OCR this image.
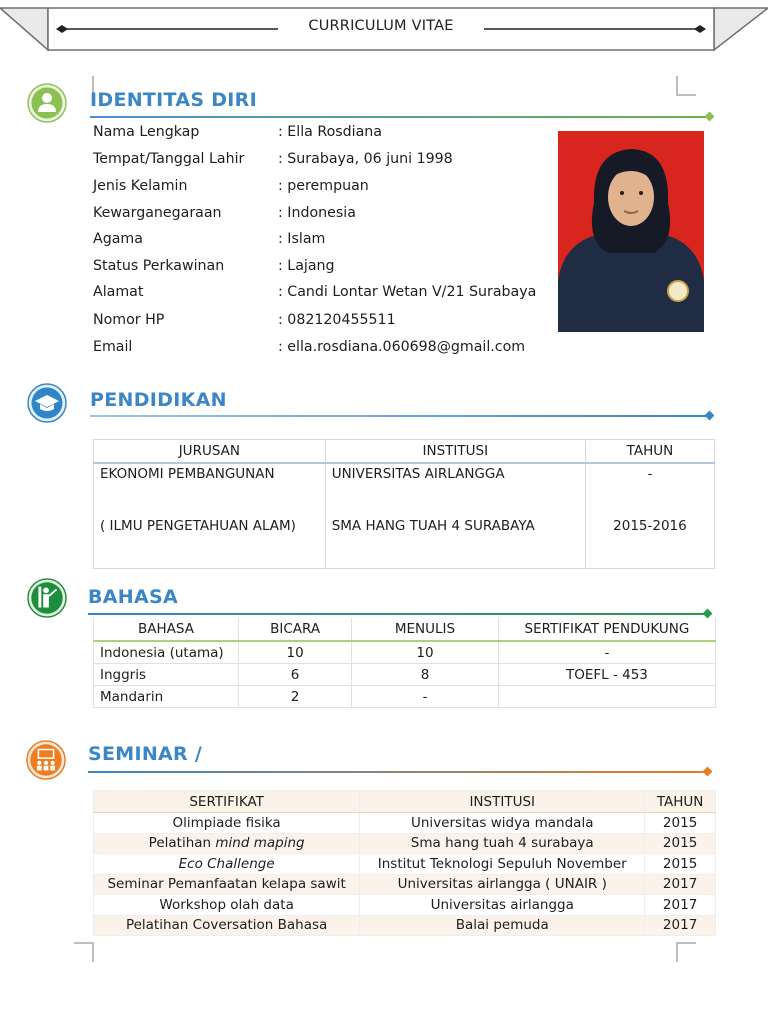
CURRICULUM VITAE
IDENTITAS DIRI
Nama Lengkap	: Ella Rosdiana
Tempat/Tanggal Lahir	: Surabaya, 06 juni 1998
Jenis Kelamin	: perempuan
Kewarganegaraan	: Indonesia
Agama	: Islam
Status Perkawinan	: Lajang
Alamat	: Candi Lontar Wetan V/21 Surabaya
Nomor HP	: 082120455511
Email	: ella.rosdiana.060698@gmail.com
PENDIDIKAN
JURUSAN	INSTITUSI	TAHUN
EKONOMI PEMBANGUNAN	UNIVERSITAS AIRLANGGA	-
( ILMU PENGETAHUAN ALAM)	SMA HANG TUAH 4 SURABAYA	2015-2016
BAHASA
BAHASA	BICARA	MENULIS	SERTIFIKAT PENDUKUNG
Indonesia (utama)	10	10	-
Inggris	6	8	TOEFL - 453
Mandarin	2	-	
SEMINAR /
SERTIFIKAT	INSTITUSI	TAHUN
Olimpiade fisika	Universitas widya mandala	2015
Pelatihan mind maping	Sma hang tuah 4 surabaya	2015
Eco Challenge	Institut Teknologi Sepuluh November	2015
Seminar Pemanfaatan kelapa sawit	Universitas airlangga ( UNAIR )	2017
Workshop olah data	Universitas airlangga	2017
Pelatihan Coversation Bahasa	Balai pemuda	2017
